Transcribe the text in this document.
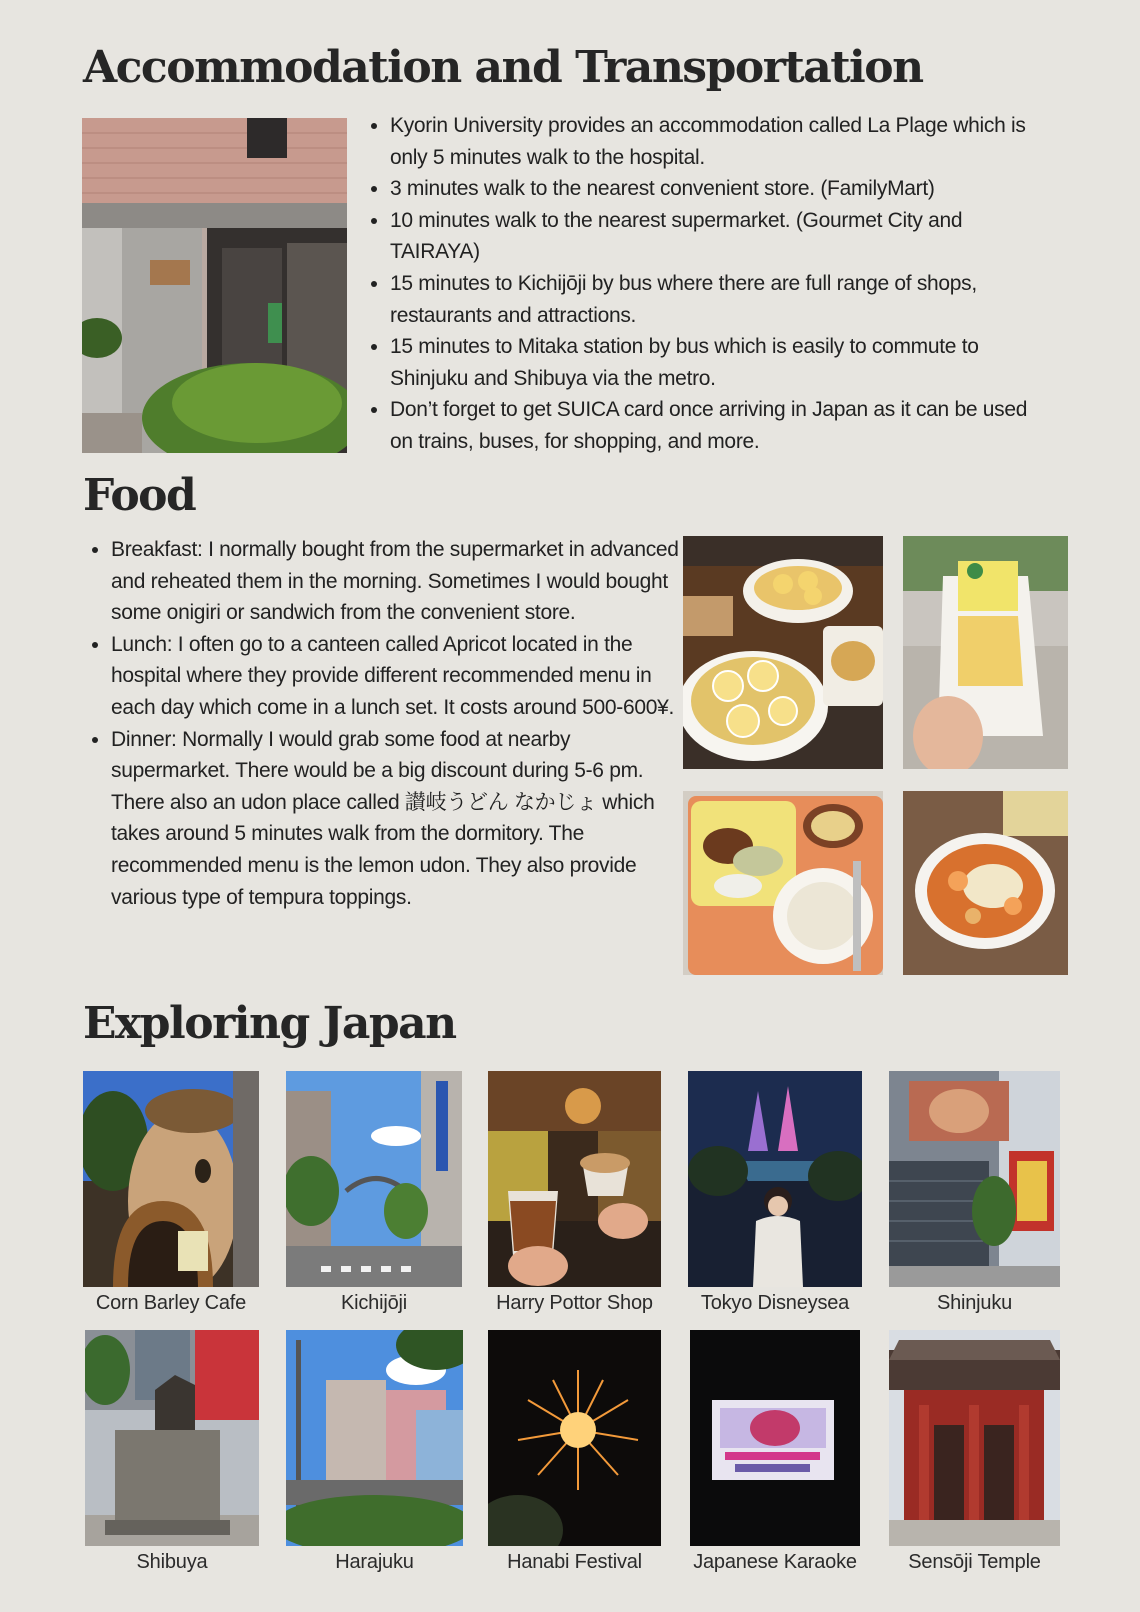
Accommodation and Transportation
• Kyorin University provides an accommodation called La Plage which is only 5 minutes walk to the hospital.
• 3 minutes walk to the nearest convenient store. (FamilyMart)
• 10 minutes walk to the nearest supermarket. (Gourmet City and TAIRAYA)
• 15 minutes to Kichijōji by bus where there are full range of shops, restaurants and attractions.
• 15 minutes to Mitaka station by bus which is easily to commute to Shinjuku and Shibuya via the metro.
• Don’t forget to get SUICA card once arriving in Japan as it can be used on trains, buses, for shopping, and more.
Food
• Breakfast: I normally bought from the supermarket in advanced and reheated them in the morning. Sometimes I would bought some onigiri or sandwich from the convenient store.
• Lunch: I often go to a canteen called Apricot located in the hospital where they provide different recommended menu in each day which come in a lunch set. It costs around 500-600¥.
• Dinner: Normally I would grab some food at nearby supermarket. There would be a big discount during 5-6 pm. There also an udon place called 讃岐うどん なかじょ which takes around 5 minutes walk from the dormitory. The recommended menu is the lemon udon. They also provide various type of tempura toppings.
Exploring Japan
Corn Barley Cafe	Kichijōji	Harry Pottor Shop	Tokyo Disneysea	Shinjuku
Shibuya	Harajuku	Hanabi Festival	Japanese Karaoke	Sensōji Temple
